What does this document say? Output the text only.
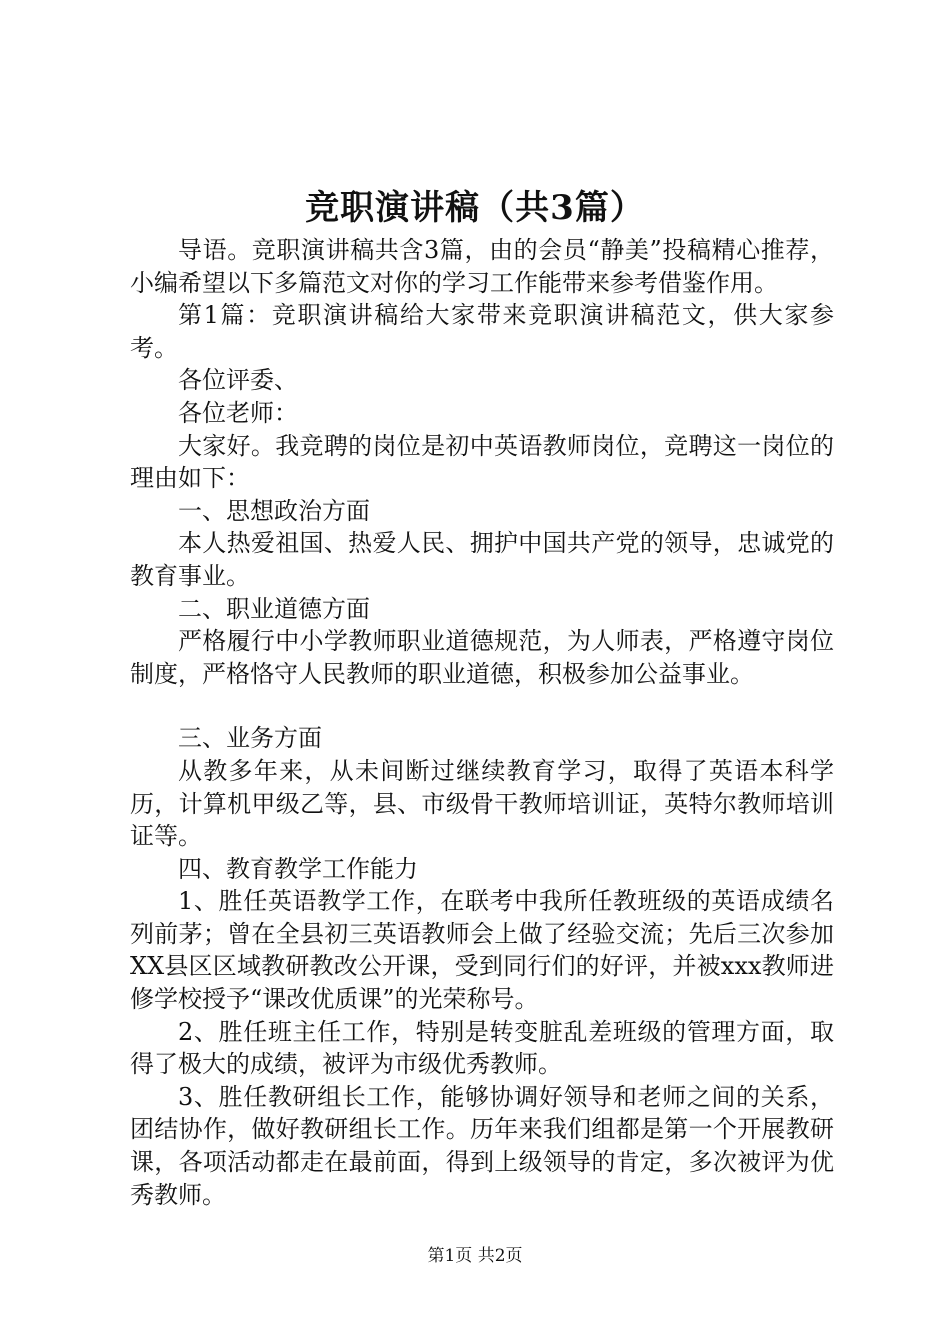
竞职演讲稿（共3篇）

导语。竞职演讲稿共含3篇，由的会员“静美”投稿精心推荐，小编希望以下多篇范文对你的学习工作能带来参考借鉴作用。

第1篇：竞职演讲稿给大家带来竞职演讲稿范文，供大家参考。

各位评委、

各位老师：

大家好。我竞聘的岗位是初中英语教师岗位，竞聘这一岗位的理由如下：

一、思想政治方面

本人热爱祖国、热爱人民、拥护中国共产党的领导，忠诚党的教育事业。

二、职业道德方面

严格履行中小学教师职业道德规范，为人师表，严格遵守岗位制度，严格恪守人民教师的职业道德，积极参加公益事业。

三、业务方面

从教多年来，从未间断过继续教育学习，取得了英语本科学历，计算机甲级乙等，县、市级骨干教师培训证，英特尔教师培训证等。

四、教育教学工作能力

1、胜任英语教学工作，在联考中我所任教班级的英语成绩名列前茅；曾在全县初三英语教师会上做了经验交流；先后三次参加XX县区区域教研教改公开课，受到同行们的好评，并被xxx教师进修学校授予“课改优质课”的光荣称号。

2、胜任班主任工作，特别是转变脏乱差班级的管理方面，取得了极大的成绩，被评为市级优秀教师。

3、胜任教研组长工作，能够协调好领导和老师之间的关系，团结协作，做好教研组长工作。历年来我们组都是第一个开展教研课，各项活动都走在最前面，得到上级领导的肯定，多次被评为优秀教师。

第1页 共2页
